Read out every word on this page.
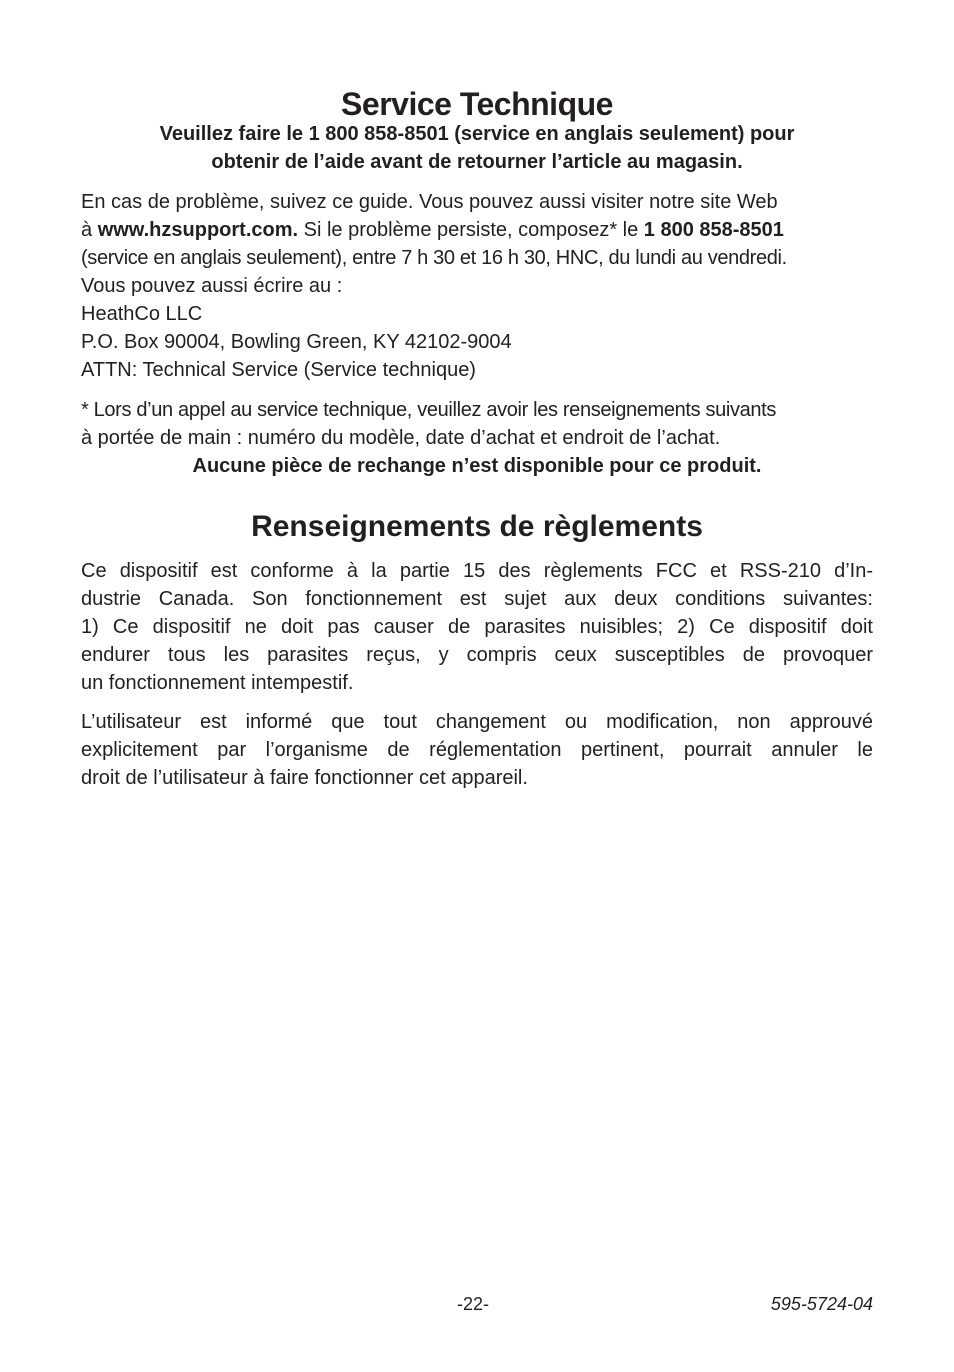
Service Technique
Veuillez faire le 1 800 858-8501 (service en anglais seulement) pour
obtenir de l’aide avant de retourner l’article au magasin.
En cas de problème, suivez ce guide. Vous pouvez aussi visiter notre site Web
à www.hzsupport.com. Si le problème persiste, composez* le 1 800 858-8501
(service en anglais seulement), entre 7 h 30 et 16 h 30, HNC, du lundi au vendredi.
Vous pouvez aussi écrire au :
HeathCo LLC
P.O. Box 90004, Bowling Green, KY 42102-9004
ATTN: Technical Service (Service technique)
* Lors d’un appel au service technique, veuillez avoir les renseignements suivants
à portée de main : numéro du modèle, date d’achat et endroit de l’achat.
Aucune pièce de rechange n’est disponible pour ce produit.
Renseignements de règlements
Ce dispositif est conforme à la partie 15 des règlements FCC et RSS-210 d’In-
dustrie Canada. Son fonctionnement est sujet aux deux conditions suivantes:
1) Ce dispositif ne doit pas causer de parasites nuisibles; 2) Ce dispositif doit
endurer tous les parasites reçus, y compris ceux susceptibles de provoquer
un fonctionnement intempestif.
L’utilisateur est informé que tout changement ou modification, non approuvé
explicitement par l’organisme de réglementation pertinent, pourrait annuler le
droit de l’utilisateur à faire fonctionner cet appareil.
-22-	595-5724-04
